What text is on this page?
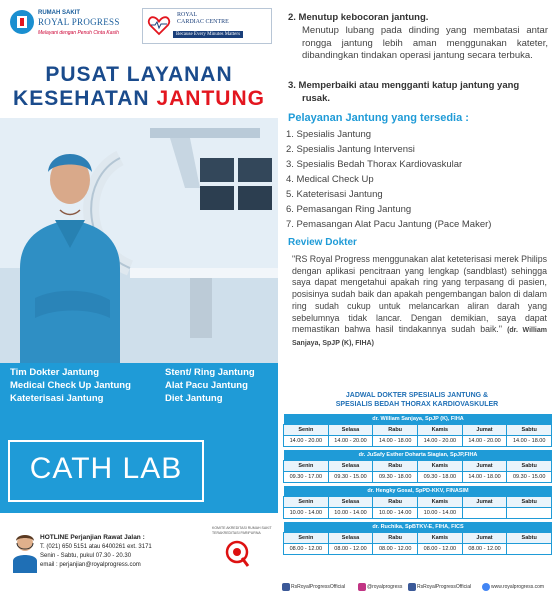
RUMAH SAKIT
ROYAL PROGRESS
Melayani dengan Penuh Cinta Kasih
ROYAL
CARDIAC CENTRE
Because Every Minutes Matters
PUSAT LAYANAN
KESEHATAN JANTUNG
Tim Dokter Jantung
Medical Check Up Jantung
Kateterisasi Jantung
Stent/ Ring Jantung
Alat Pacu Jantung
Diet Jantung
CATH LAB
HOTLINE Perjanjian Rawat Jalan :
T. (021) 650 5151 atau 6400261 ext. 3171
Senin - Sabtu, pukul 07.30 - 20.30
email : perjanjian@royalprogress.com
KOMITE AKREDITASI RUMAH SAKIT
TERAKREDITASI PARIPURNA
2. Menutup kebocoran jantung.
Menutup lubang pada dinding yang membatasi antar rongga jantung lebih aman menggunakan kateter, dibandingkan tindakan operasi jantung secara terbuka.
3. Memperbaiki atau mengganti katup jantung yang
rusak.
Pelayanan Jantung yang tersedia :
1. Spesialis Jantung
2. Spesialis Jantung Intervensi
3. Spesialis Bedah Thorax Kardiovaskular
4. Medical Check Up
5. Kateterisasi Jantung
6. Pemasangan Ring Jantung
7. Pemasangan Alat Pacu Jantung (Pace Maker)
Review Dokter
"RS Royal Progress menggunakan alat keteterisasi merek Philips dengan aplikasi pencitraan yang lengkap (sandblast) sehingga saya dapat mengetahui apakah ring yang terpasang di pasien, posisinya sudah baik dan apakah pengembangan balon di dalam ring sudah cukup untuk melancarkan aliran darah yang sebelumnya tidak lancar. Dengan demikian, saya dapat memastikan bahwa hasil tindakannya sudah baik." (dr. William Sanjaya, SpJP (K), FIHA)
JADWAL DOKTER SPESIALIS JANTUNG &
SPESIALIS BEDAH THORAX KARDIOVASKULER
dr. William Sanjaya, SpJP (K), FIHA
Senin	Selasa	Rabu	Kamis	Jumat	Sabtu
14.00 - 20.00	14.00 - 20.00	14.00 - 18.00	14.00 - 20.00	14.00 - 20.00	14.00 - 18.00
dr. JuSafy Esther Doharta Siagian, SpJP,FIHA
Senin	Selasa	Rabu	Kamis	Jumat	Sabtu
09.30 - 17.00	09.30 - 15.00	09.30 - 18.00	09.30 - 18.00	14.00 - 18.00	09.30 - 15.00
dr. Hengky Gosal, SpPD-KKV, FINASIM
Senin	Selasa	Rabu	Kamis	Jumat	Sabtu
10.00 - 14.00	10.00 - 14.00	10.00 - 14.00	10.00 - 14.00
dr. Ruchika, SpBTKV-E, FIHA, FICS
Senin	Selasa	Rabu	Kamis	Jumat	Sabtu
08.00 - 12.00	08.00 - 12.00	08.00 - 12.00	08.00 - 12.00	08.00 - 12.00
RsRoyalProgressOfficial	@royalprogress	RsRoyalProgressOfficial	www.royalprogress.com
